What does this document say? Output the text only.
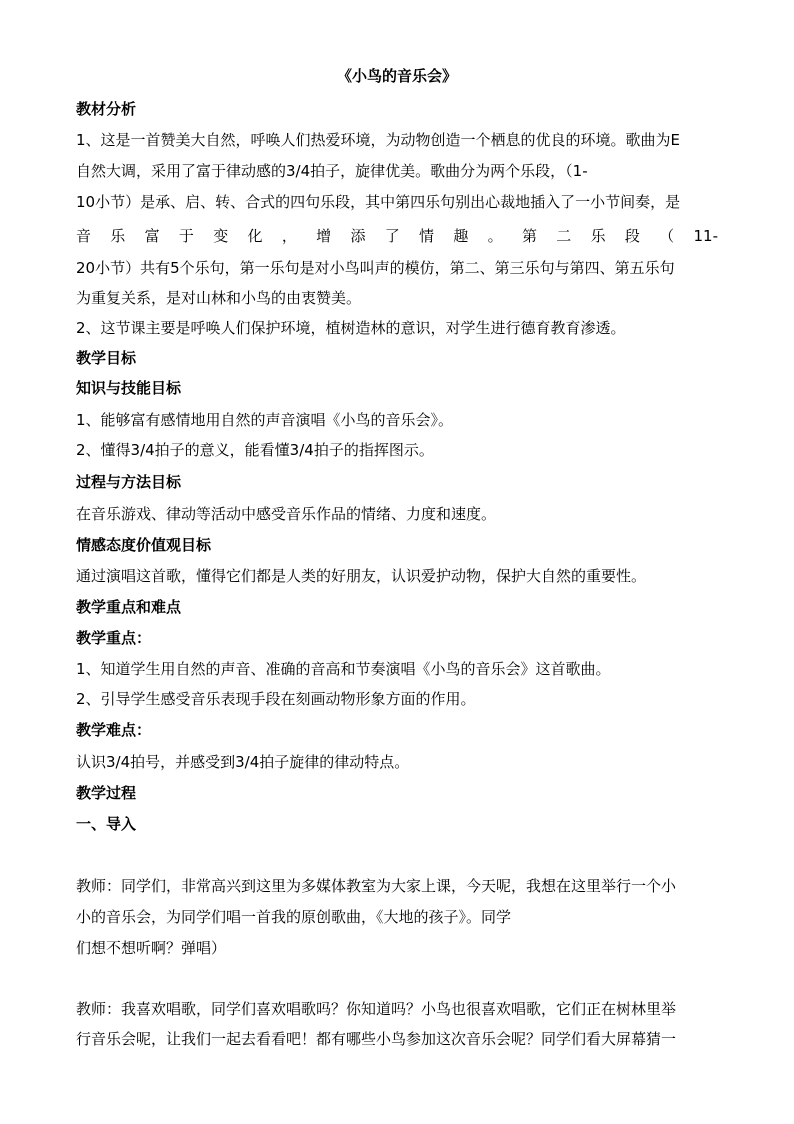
《小鸟的音乐会》
教材分析
1、这是一首赞美大自然，呼唤人们热爱环境，为动物创造一个栖息的优良的环境。歌曲为E
自然大调，采用了富于律动感的3/4拍子，旋律优美。歌曲分为两个乐段，（1-
10小节）是承、启、转、合式的四句乐段，其中第四乐句别出心裁地插入了一小节间奏，是
音乐富于变化，增添了情趣。第二乐段（11-
20小节）共有5个乐句，第一乐句是对小鸟叫声的模仿，第二、第三乐句与第四、第五乐句
为重复关系，是对山林和小鸟的由衷赞美。
2、这节课主要是呼唤人们保护环境，植树造林的意识，对学生进行德育教育渗透。
教学目标
知识与技能目标
1、能够富有感情地用自然的声音演唱《小鸟的音乐会》。
2、懂得3/4拍子的意义，能看懂3/4拍子的指挥图示。
过程与方法目标
在音乐游戏、律动等活动中感受音乐作品的情绪、力度和速度。
情感态度价值观目标
通过演唱这首歌，懂得它们都是人类的好朋友，认识爱护动物，保护大自然的重要性。
教学重点和难点
教学重点：
1、知道学生用自然的声音、准确的音高和节奏演唱《小鸟的音乐会》这首歌曲。
2、引导学生感受音乐表现手段在刻画动物形象方面的作用。
教学难点：
认识3/4拍号，并感受到3/4拍子旋律的律动特点。
教学过程
一、导入
教师：同学们，非常高兴到这里为多媒体教室为大家上课，今天呢，我想在这里举行一个小
小的音乐会，为同学们唱一首我的原创歌曲，《大地的孩子》。同学
们想不想听啊？弹唱）
教师：我喜欢唱歌，同学们喜欢唱歌吗？你知道吗？小鸟也很喜欢唱歌，它们正在树林里举
行音乐会呢，让我们一起去看看吧！都有哪些小鸟参加这次音乐会呢？同学们看大屏幕猜一
